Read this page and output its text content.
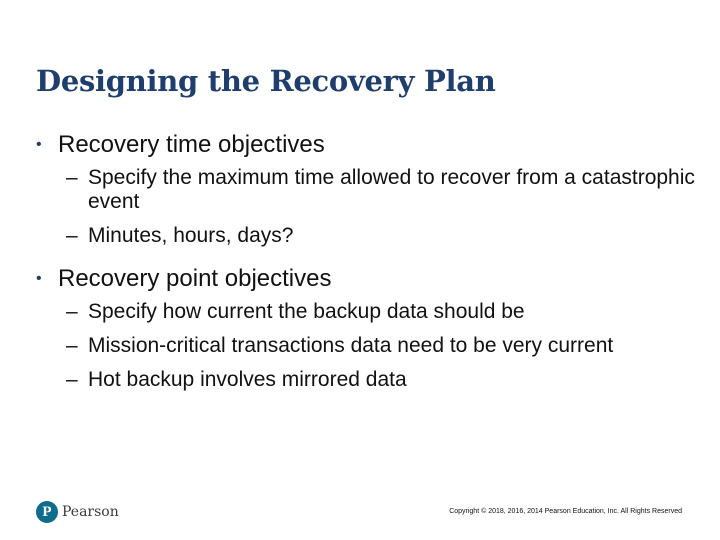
Designing the Recovery Plan
• Recovery time objectives
– Specify the maximum time allowed to recover from a catastrophic event
– Minutes, hours, days?
• Recovery point objectives
– Specify how current the backup data should be
– Mission-critical transactions data need to be very current
– Hot backup involves mirrored data
P Pearson	Copyright © 2018, 2016, 2014 Pearson Education, Inc. All Rights Reserved
